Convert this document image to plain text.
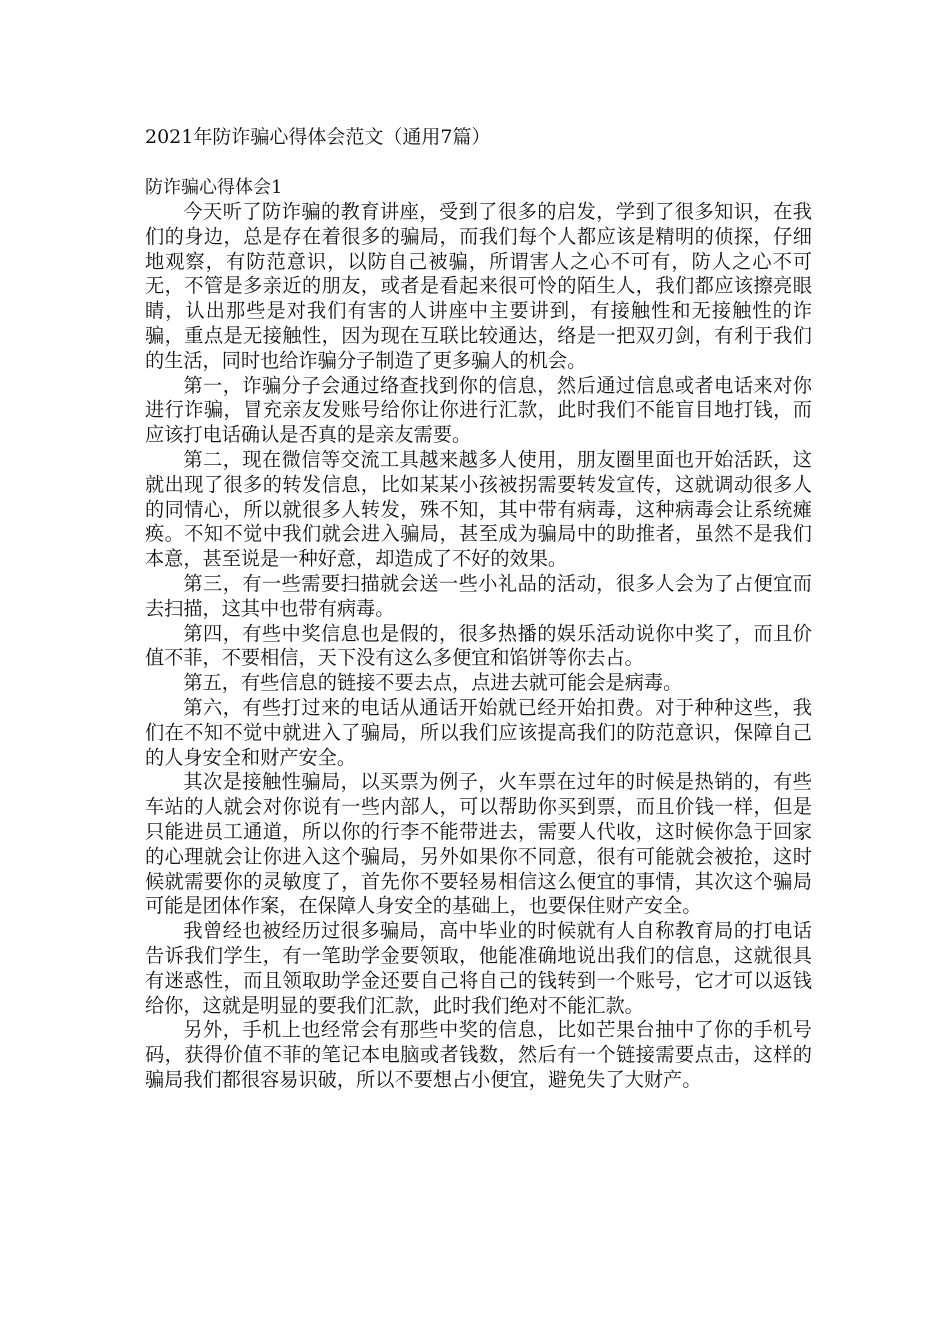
2021年防诈骗心得体会范文（通用7篇）
防诈骗心得体会1

今天听了防诈骗的教育讲座，受到了很多的启发，学到了很多知识，在我们的身边，总是存在着很多的骗局，而我们每个人都应该是精明的侦探，仔细地观察，有防范意识，以防自己被骗，所谓害人之心不可有，防人之心不可无，不管是多亲近的朋友，或者是看起来很可怜的陌生人，我们都应该擦亮眼睛，认出那些是对我们有害的人讲座中主要讲到，有接触性和无接触性的诈骗，重点是无接触性，因为现在互联比较通达，络是一把双刃剑，有利于我们的生活，同时也给诈骗分子制造了更多骗人的机会。

第一，诈骗分子会通过络查找到你的信息，然后通过信息或者电话来对你进行诈骗，冒充亲友发账号给你让你进行汇款，此时我们不能盲目地打钱，而应该打电话确认是否真的是亲友需要。

第二，现在微信等交流工具越来越多人使用，朋友圈里面也开始活跃，这就出现了很多的转发信息，比如某某小孩被拐需要转发宣传，这就调动很多人的同情心，所以就很多人转发，殊不知，其中带有病毒，这种病毒会让系统瘫痪。不知不觉中我们就会进入骗局，甚至成为骗局中的助推者，虽然不是我们本意，甚至说是一种好意，却造成了不好的效果。

第三，有一些需要扫描就会送一些小礼品的活动，很多人会为了占便宜而去扫描，这其中也带有病毒。

第四，有些中奖信息也是假的，很多热播的娱乐活动说你中奖了，而且价值不菲，不要相信，天下没有这么多便宜和馅饼等你去占。

第五，有些信息的链接不要去点，点进去就可能会是病毒。

第六，有些打过来的电话从通话开始就已经开始扣费。对于种种这些，我们在不知不觉中就进入了骗局，所以我们应该提高我们的防范意识，保障自己的人身安全和财产安全。

其次是接触性骗局，以买票为例子，火车票在过年的时候是热销的，有些车站的人就会对你说有一些内部人，可以帮助你买到票，而且价钱一样，但是只能进员工通道，所以你的行李不能带进去，需要人代收，这时候你急于回家的心理就会让你进入这个骗局，另外如果你不同意，很有可能就会被抢，这时候就需要你的灵敏度了，首先你不要轻易相信这么便宜的事情，其次这个骗局可能是团体作案，在保障人身安全的基础上，也要保住财产安全。

我曾经也被经历过很多骗局，高中毕业的时候就有人自称教育局的打电话告诉我们学生，有一笔助学金要领取，他能准确地说出我们的信息，这就很具有迷惑性，而且领取助学金还要自己将自己的钱转到一个账号，它才可以返钱给你，这就是明显的要我们汇款，此时我们绝对不能汇款。

另外，手机上也经常会有那些中奖的信息，比如芒果台抽中了你的手机号码，获得价值不菲的笔记本电脑或者钱数，然后有一个链接需要点击，这样的骗局我们都很容易识破，所以不要想占小便宜，避免失了大财产。
